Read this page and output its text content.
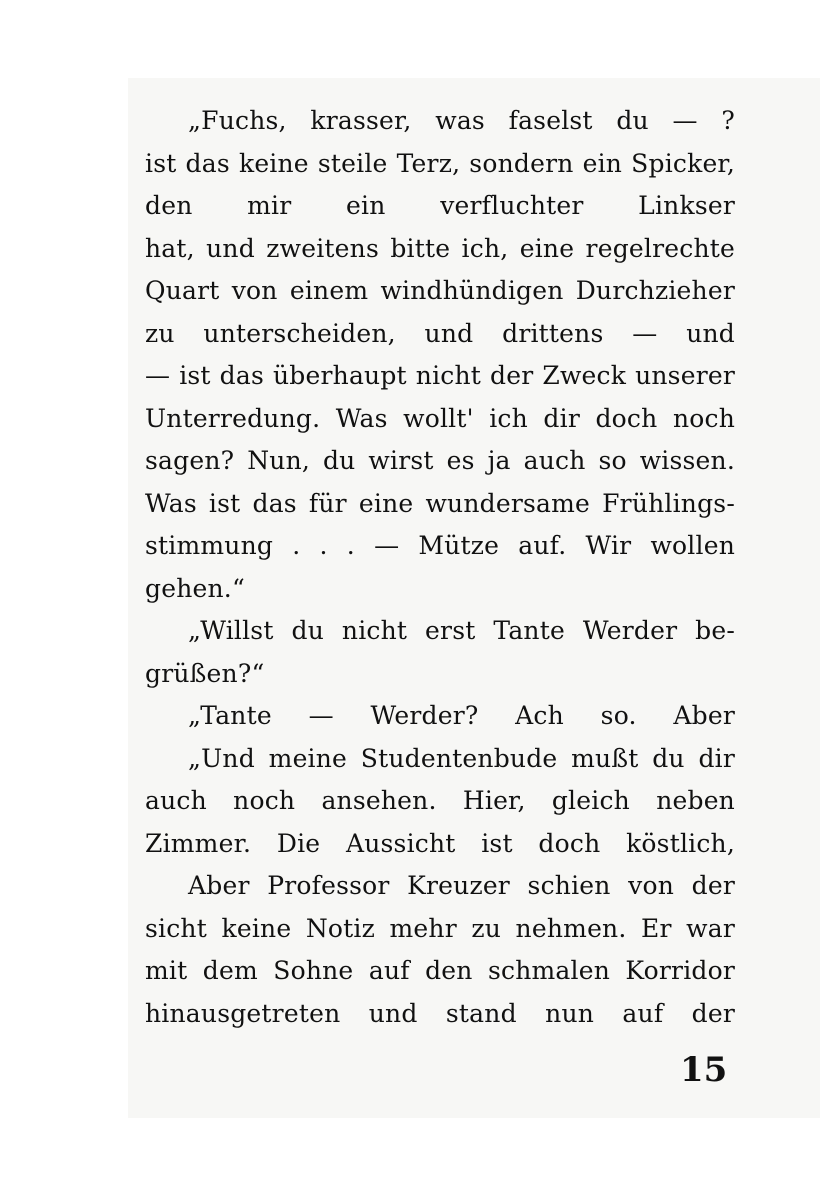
„Fuchs, krasser, was faselst du — ?
ist das keine steile Terz, sondern ein Spicker,
den mir ein verfluchter Linkser
hat, und zweitens bitte ich, eine regelrechte
Quart von einem windhündigen Durchzieher
zu unterscheiden, und drittens — und
— ist das überhaupt nicht der Zweck unserer
Unterredung. Was wollt' ich dir doch noch
sagen? Nun, du wirst es ja auch so wissen.
Was ist das für eine wundersame Frühlings-
stimmung . . . — Mütze auf. Wir wollen
gehen.“
„Willst du nicht erst Tante Werder be-
grüßen?“
„Tante — Werder? Ach so. Aber
„Und meine Studentenbude mußt du dir
auch noch ansehen. Hier, gleich neben
Zimmer. Die Aussicht ist doch köstlich,
Aber Professor Kreuzer schien von der
sicht keine Notiz mehr zu nehmen. Er war
mit dem Sohne auf den schmalen Korridor
hinausgetreten und stand nun auf der
15
